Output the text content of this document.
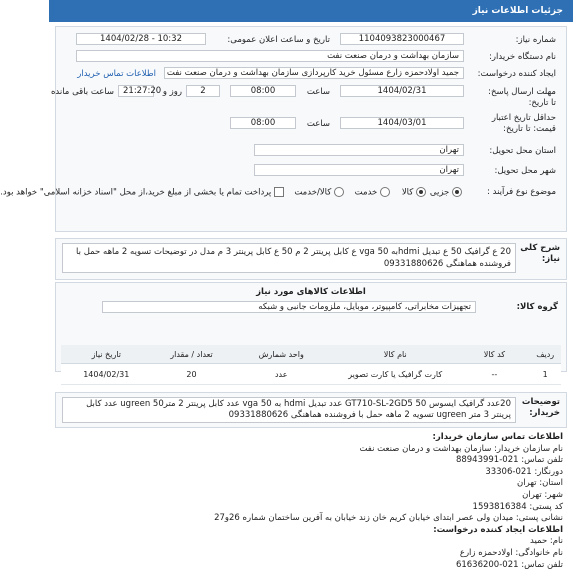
جزئیات اطلاعات نیاز
شماره نیاز:
1104093823000467
تاریخ و ساعت اعلان عمومی:
1404/02/28 - 10:32
نام دستگاه خریدار:
سازمان بهداشت و درمان صنعت نفت
ایجاد کننده درخواست:
جمید اولادحمزه زارع مسئول خرید کارپردازی سازمان بهداشت و درمان صنعت نفت
اطلاعات تماس خریدار
مهلت ارسال پاسخ:
1404/02/31
ساعت
08:00
2
روز و
21:27:20
ساعت باقی مانده
تا تاریخ:
حداقل تاریخ اعتبار
1404/03/01
ساعت
08:00
قیمت: تا تاریخ:
استان محل تحویل:
تهران
شهر محل تحویل:
تهران
موضوع نوع فرآیند :
جزیی
کالا
خدمت
کالا/خدمت
پرداخت تمام یا بخشی از مبلغ خرید،از محل "اسناد خزانه اسلامی" خواهد بود.
شرح کلی نیاز:
20 ع گرافیک 50 ع تبدیل hdmiبه vga 50 ع کابل پرینتر 2 م 50 ع کابل پرینتر 3 م مدل در توضیحات تسویه 2 ماهه حمل با فروشنده هماهنگی 09331880626
اطلاعات کالاهای مورد نیاز
گروه کالا:
تجهیزات مخابراتی، کامپیوتر، موبایل، ملزومات جانبی و شبکه
ردیف	کد کالا	نام کالا	واحد شمارش	تعداد / مقدار	تاریخ نیاز
1	--	کارت گرافیک یا کارت تصویر	عدد	20	1404/02/31
توضیحات خریدار:
20عدد گرافیک ایسوس GT710-SL-2GD5 50 عدد تبدیل hdmi به vga 50 عدد کابل پرینتر 2 متر50 ugreen عدد کابل پرینتر 3 متر ugreen تسویه 2 ماهه حمل با فروشنده هماهنگی 09331880626
اطلاعات تماس سازمان خریدار:
نام سازمان خریدار: سازمان بهداشت و درمان صنعت نفت
تلفن تماس: 021-88943991
دورنگار: 021-33306
استان: تهران
شهر: تهران
کد پستی: 1593816384
نشانی پستی: میدان ولی عصر ابتدای خیابان کریم خان زند خیابان به آفرین ساختمان شماره 26و27
اطلاعات ایجاد کننده درخواست:
نام: حمید
نام خانوادگی: اولادحمزه زارع
تلفن تماس: 021-61636200
